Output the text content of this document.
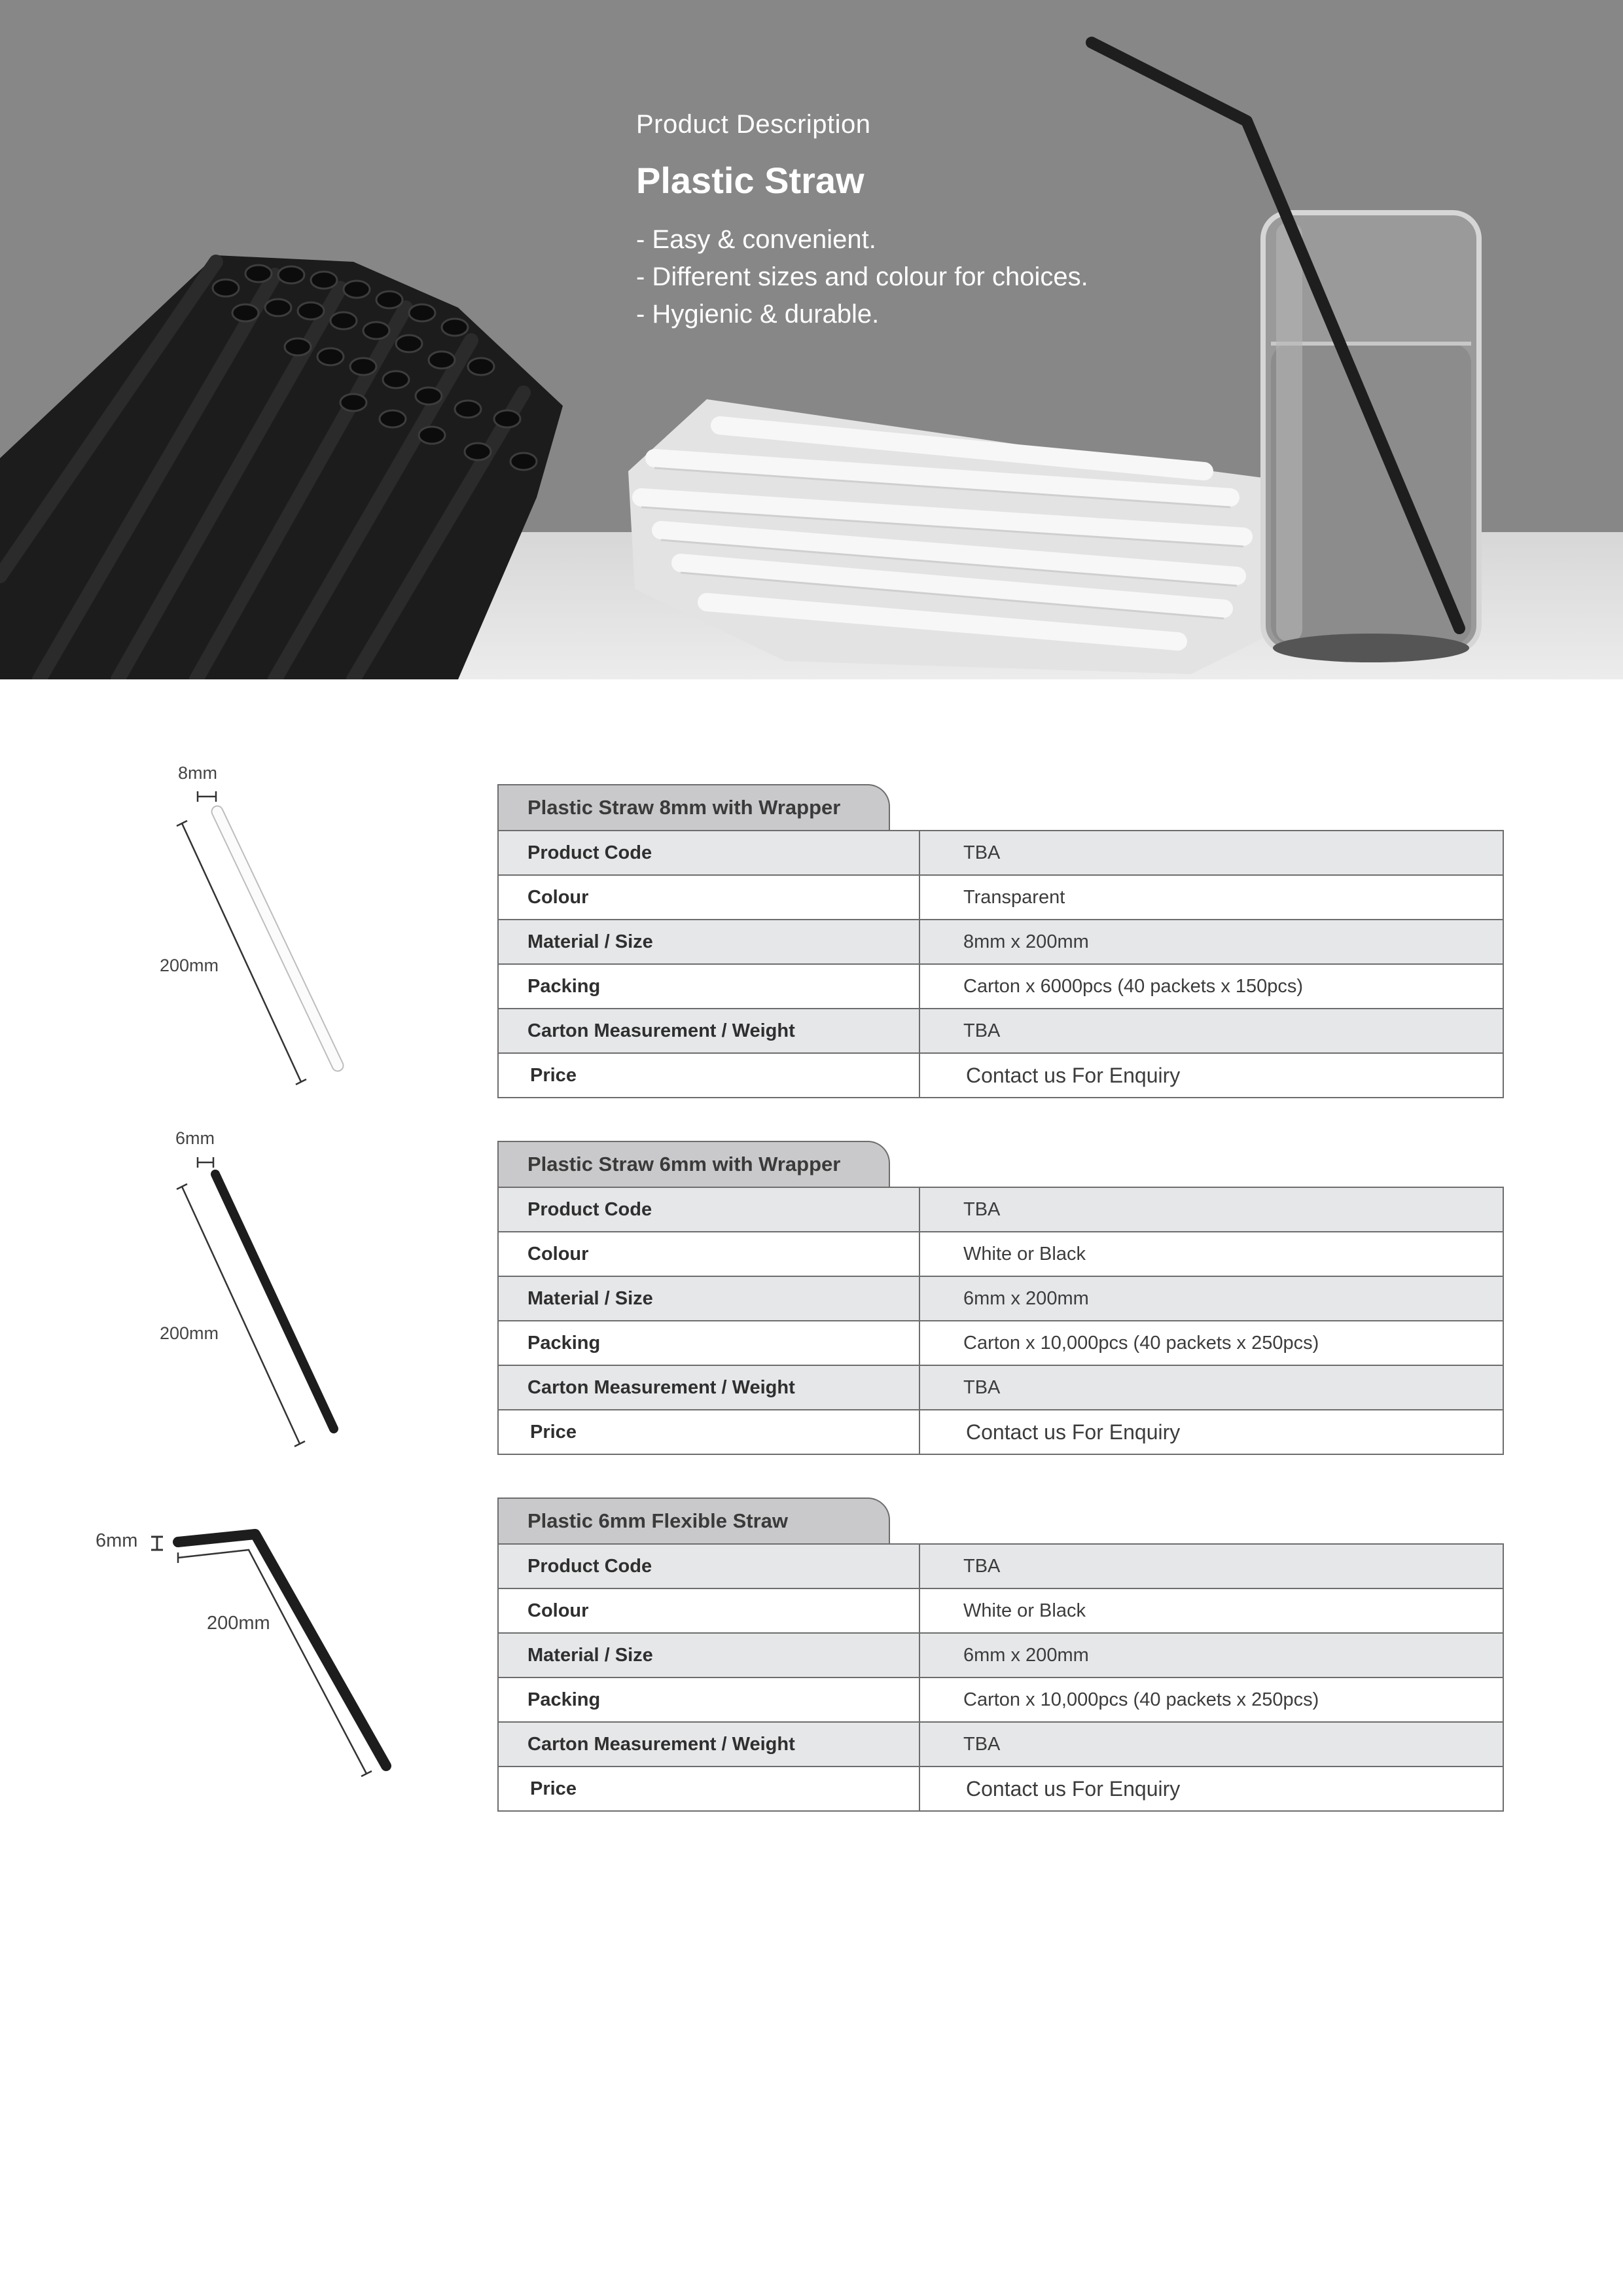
Product Description

Plastic Straw

- Easy & convenient.

- Different sizes and colour for choices.

- Hygienic & durable.

8mm
200mm
6mm
200mm
6mm
200mm
Plastic Straw 8mm with Wrapper
Product Code	TBA
Colour	Transparent
Material / Size	8mm x 200mm
Packing	Carton x 6000pcs (40 packets x 150pcs)
Carton Measurement / Weight	TBA
Price	Contact us For Enquiry
Plastic Straw 6mm with Wrapper
Product Code	TBA
Colour	White or Black
Material / Size	6mm x 200mm
Packing	Carton x 10,000pcs (40 packets x 250pcs)
Carton Measurement / Weight	TBA
Price	Contact us For Enquiry
Plastic 6mm Flexible Straw
Product Code	TBA
Colour	White or Black
Material / Size	6mm x 200mm
Packing	Carton x 10,000pcs (40 packets x 250pcs)
Carton Measurement / Weight	TBA
Price	Contact us For Enquiry
